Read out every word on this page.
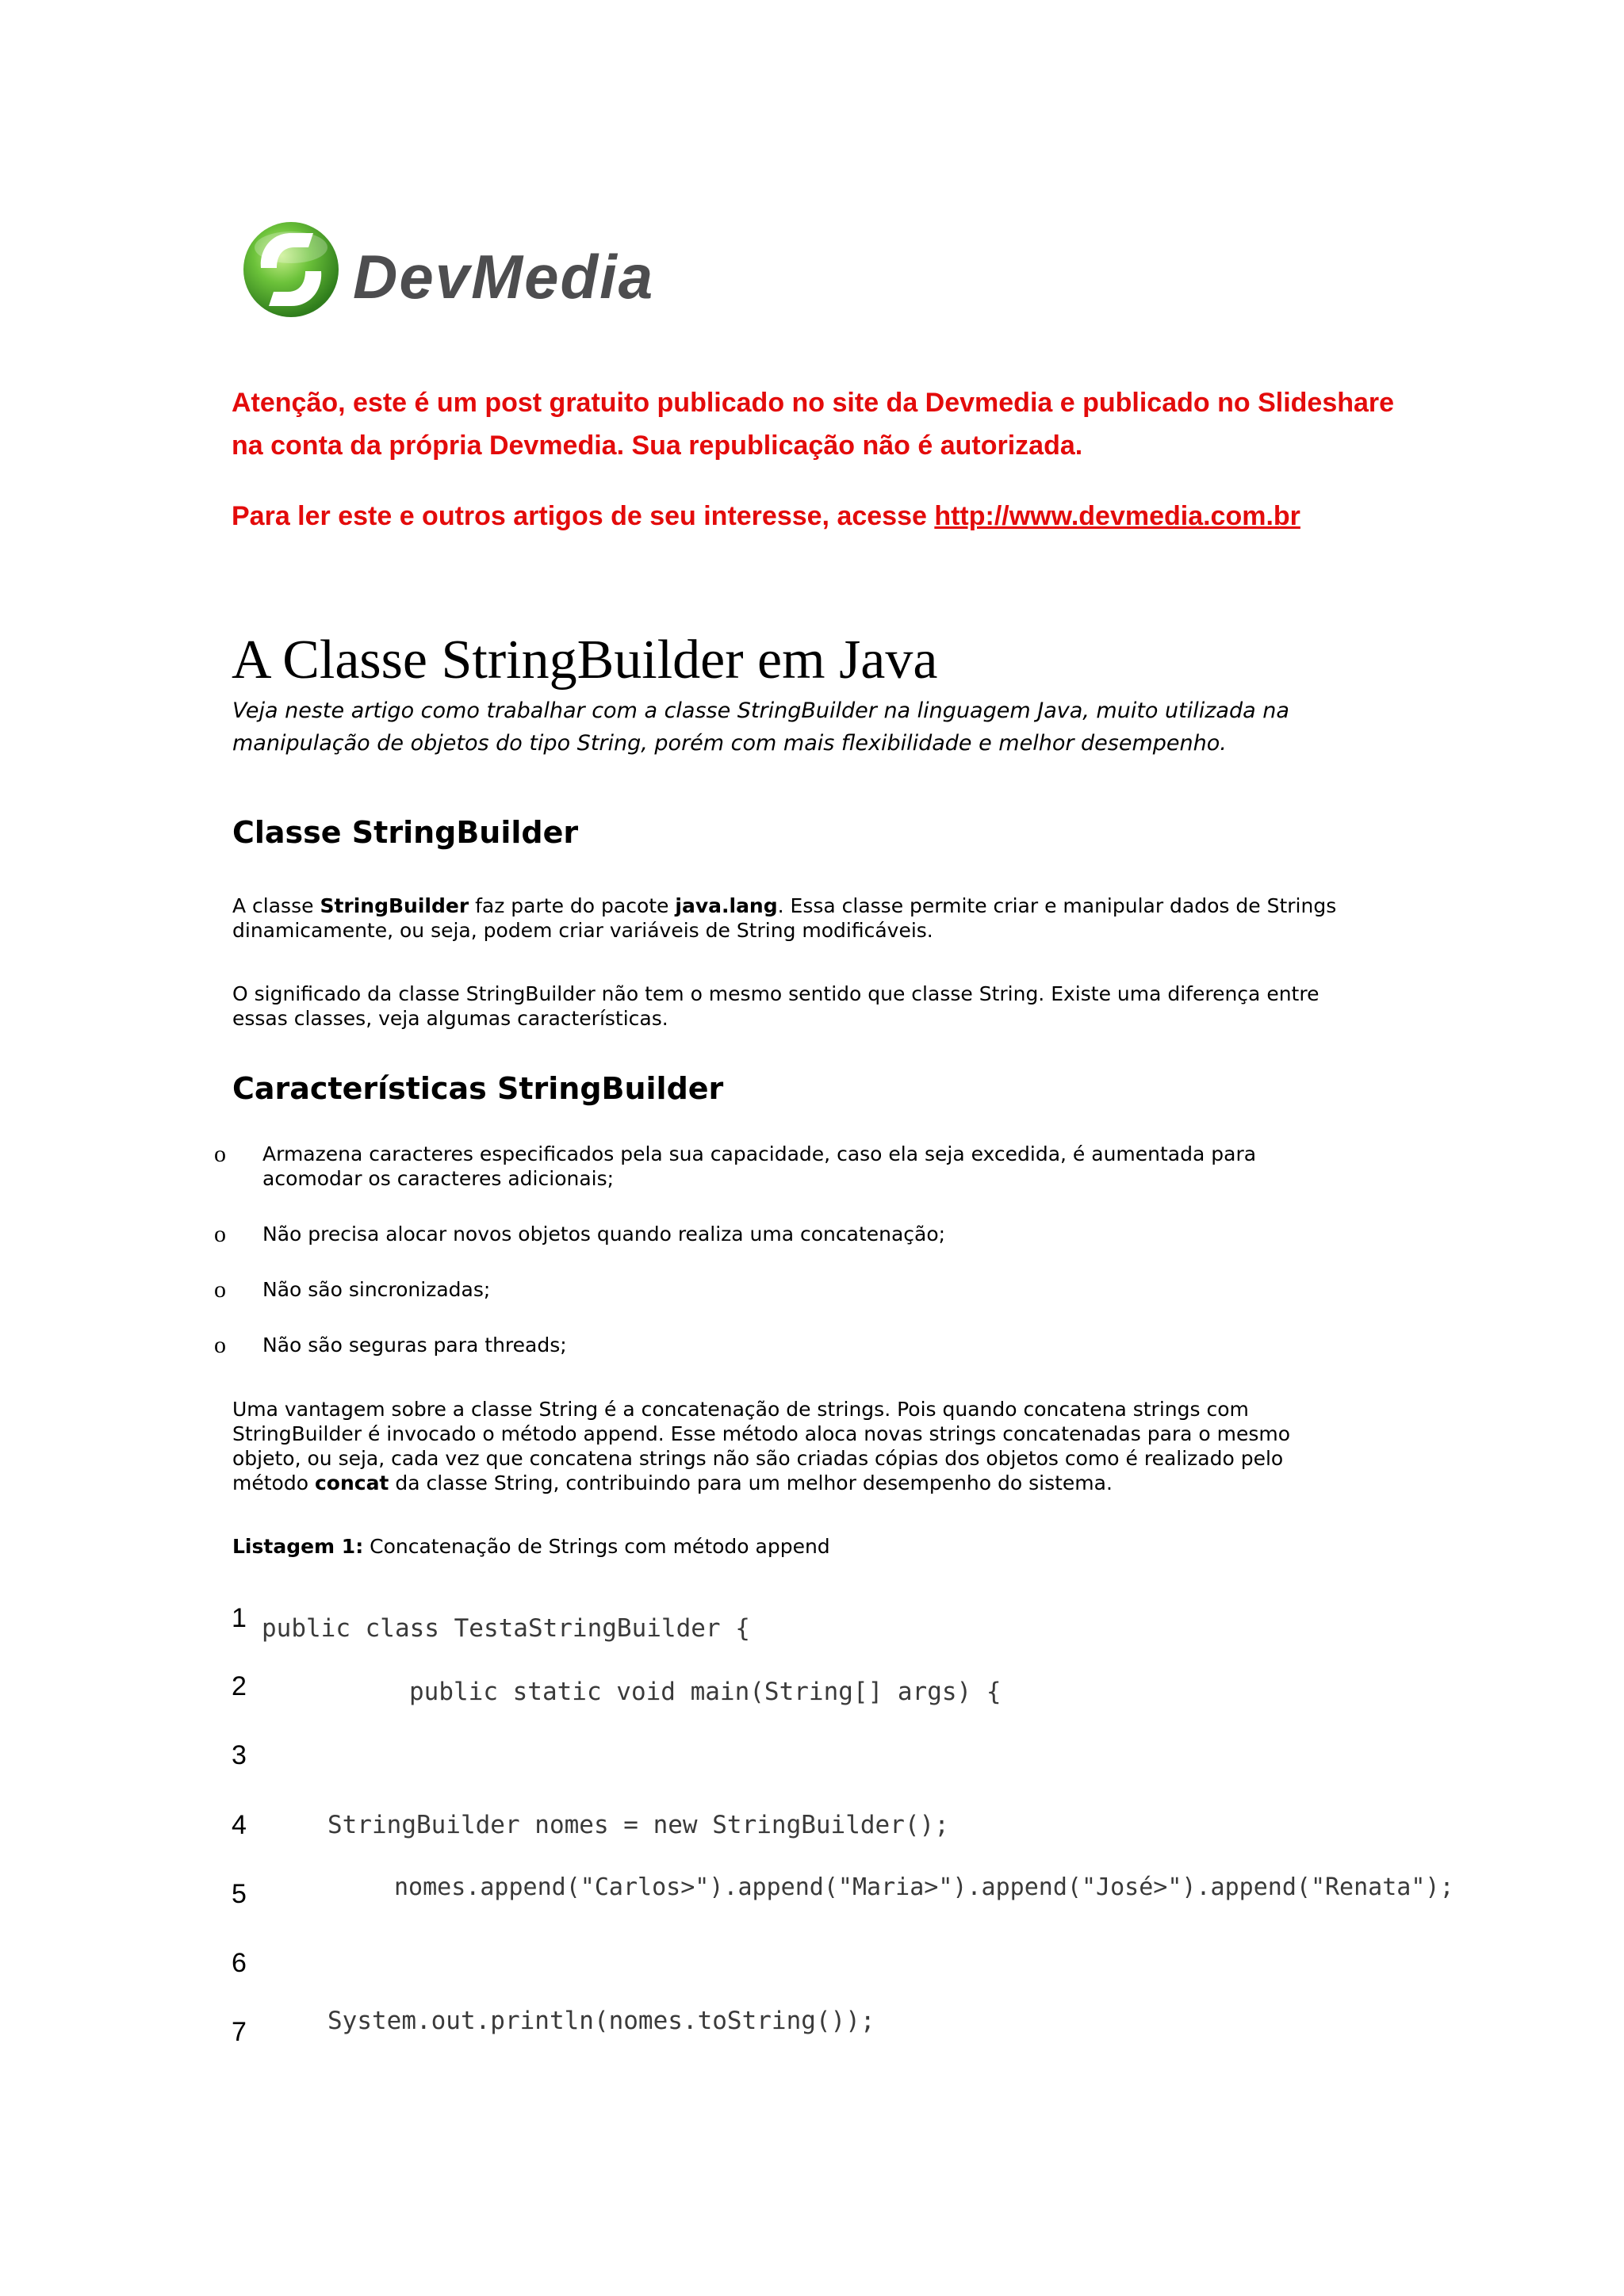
DevMedia
Atenção, este é um post gratuito publicado no site da Devmedia e publicado no Slideshare
na conta da própria Devmedia. Sua republicação não é autorizada.
Para ler este e outros artigos de seu interesse, acesse http://www.devmedia.com.br
A Classe StringBuilder em Java
Veja neste artigo como trabalhar com a classe StringBuilder na linguagem Java, muito utilizada na
manipulação de objetos do tipo String, porém com mais flexibilidade e melhor desempenho.
Classe StringBuilder
A classe StringBuilder faz parte do pacote java.lang. Essa classe permite criar e manipular dados de Strings
dinamicamente, ou seja, podem criar variáveis de String modificáveis.
O significado da classe StringBuilder não tem o mesmo sentido que classe String. Existe uma diferença entre
essas classes, veja algumas características.
Características StringBuilder
o Armazena caracteres especificados pela sua capacidade, caso ela seja excedida, é aumentada para
acomodar os caracteres adicionais;
o Não precisa alocar novos objetos quando realiza uma concatenação;
o Não são sincronizadas;
o Não são seguras para threads;
Uma vantagem sobre a classe String é a concatenação de strings. Pois quando concatena strings com
StringBuilder é invocado o método append. Esse método aloca novas strings concatenadas para o mesmo
objeto, ou seja, cada vez que concatena strings não são criadas cópias dos objetos como é realizado pelo
método concat da classe String, contribuindo para um melhor desempenho do sistema.
Listagem 1: Concatenação de Strings com método append
1 public class TestaStringBuilder {
2	public static void main(String[] args) {
3
4	StringBuilder nomes = new StringBuilder();
5	nomes.append("Carlos>").append("Maria>").append("José>").append("Renata");
6
7	System.out.println(nomes.toString());
